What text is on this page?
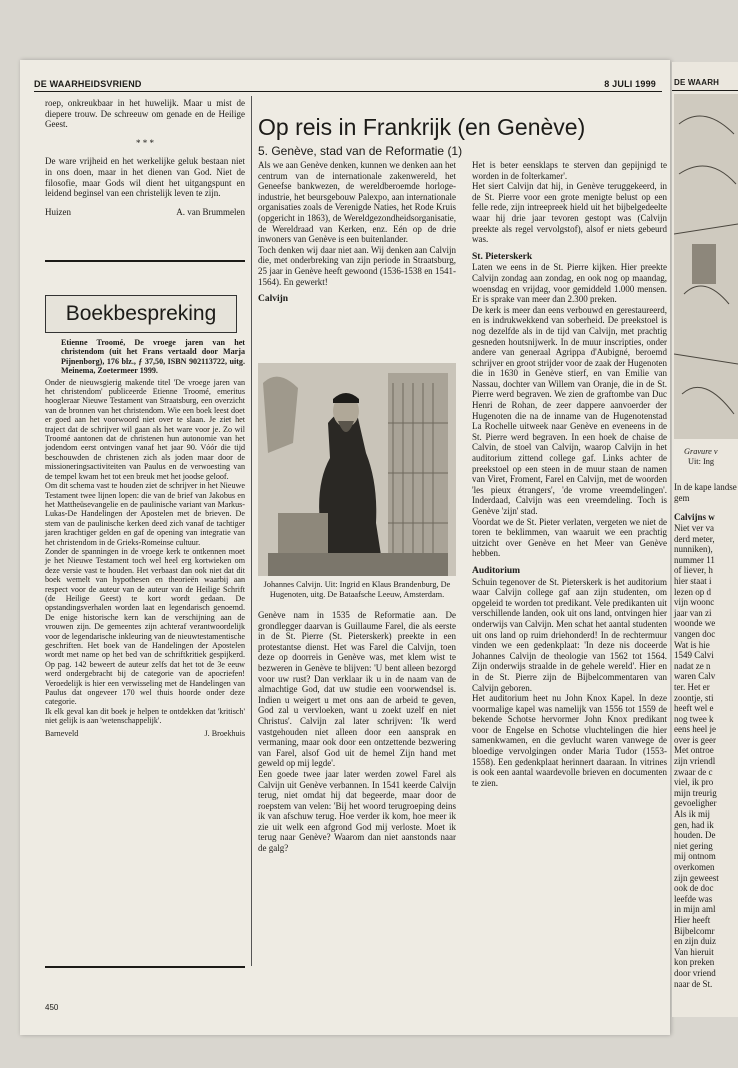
DE WAARHEIDSVRIEND	8 JULI 1999

roep, onkreukbaar in het huwelijk. Maar u mist de diepere trouw. De schreeuw om genade en de Heilige Geest.

* * *

De ware vrijheid en het werkelijke geluk bestaan niet in ons doen, maar in het dienen van God. Niet de filosofie, maar Gods wil dient het uitgangspunt en leidend beginsel van een christelijk leven te zijn.

Huizen	A. van Brummelen
Boekbespreking

Etienne Troomé, De vroege jaren van het christendom (uit het Frans vertaald door Marja Pijnenborg), 176 blz., ƒ 37,50, ISBN 902113722, uitg. Meinema, Zoetermeer 1999.

Onder de nieuwsgierig makende titel 'De vroege jaren van het christendom' publiceerde Etienne Troomé, emeritus hoogleraar Nieuwe Testament van Straatsburg, een overzicht van de bronnen van het christendom. Wie een boek leest doet er goed aan het voorwoord niet over te slaan. Je ziet het traject dat de schrijver wil gaan als het ware voor je. Zo wil Troomé aantonen dat de christenen hun autonomie van het jodendom eerst ontvingen vanaf het jaar 90. Vóór die tijd beschouwden de christenen zich als joden maar door de missioneringsactiviteiten van Paulus en de verwoesting van de tempel kwam het tot een breuk met het joodse geloof.

Om dit schema vast te houden ziet de schrijver in het Nieuwe Testament twee lijnen lopen: die van de brief van Jakobus en het Mattheüsevangelie en de paulinische variant van Markus-Lukas-De Handelingen der Apostelen met de brieven. De stem van de paulinische kerken deed zich vanaf de tachtiger jaren krachtiger gelden en gaf de opening van integratie van het christendom in de Grieks-Romeinse cultuur.

Zonder de spanningen in de vroege kerk te ontkennen moet je het Nieuwe Testament toch wel heel erg kortwieken om deze versie vast te houden. Het verbaast dan ook niet dat dit boek wemelt van hypothesen en theorieën waarbij aan respect voor de auteur van de auteur van de Heilige Schrift (de Heilige Geest) te kort wordt gedaan. De opstandingsverhalen worden laat en legendarisch genoemd. De enige historische kern kan de verschijning aan de vrouwen zijn. De gemeentes zijn achteraf verantwoordelijk voor de legendarische inkleuring van de nieuwtestamentische geschriften. Het boek van de Handelingen der Apostelen wordt met name op het bed van de schriftkritiek gespijkerd. Op pag. 142 beweert de auteur zelfs dat het tot de 3e eeuw werd ondergebracht bij de categorie van de apocriefen! Veroedelijk is hier een verwisseling met de Handelingen van Paulus dat ongeveer 170 wel thuis hoorde onder deze categorie.

Ik elk geval kan dit boek je helpen te ontdekken dat 'kritisch' niet gelijk is aan 'wetenschappelijk'.

Barneveld	J. Broekhuis
Op reis in Frankrijk (en Genève)
5. Genève, stad van de Reformatie (1)

Als we aan Genève denken, kunnen we denken aan het centrum van de internationale zakenwereld, het Geneefse bankwezen, de wereldberoemde horloge-industrie, het beursgebouw Palexpo, aan internationale organisaties zoals de Verenigde Naties, het Rode Kruis (opgericht in 1863), de Wereldgezondheidsorganisatie, de Wereldraad van Kerken, enz. Eén op de drie inwoners van Genève is een buitenlander.

Toch denken wij daar niet aan. Wij denken aan Calvijn die, met onderbreking van zijn periode in Straatsburg, 25 jaar in Genève heeft gewoond (1536-1538 en 1541-1564). En gewerkt!

Calvijn
Johannes Calvijn. Uit: Ingrid en Klaus Brandenburg, De Hugenoten, uitg. De Bataafsche Leeuw, Amsterdam.

Genève nam in 1535 de Reformatie aan. De grondlegger daarvan is Guillaume Farel, die als eerste in de St. Pierre (St. Pieterskerk) preekte in een protestantse dienst. Het was Farel die Calvijn, toen deze op doorreis in Genève was, met klem wist te bezweren in Genève te blijven: 'U bent alleen bezorgd voor uw rust? Dan verklaar ik u in de naam van de almachtige God, dat uw studie een voorwendsel is. Indien u weigert u met ons aan de arbeid te geven, God zal u vervloeken, want u zoekt uzelf en niet Christus'. Calvijn zal later schrijven: 'Ik werd vastgehouden niet alleen door een aansprak en vermaning, maar ook door een ontzettende bezwering van Farel, alsof God uit de hemel Zijn hand met geweld op mij legde'.

Een goede twee jaar later werden zowel Farel als Calvijn uit Genève verbannen. In 1541 keerde Calvijn terug, niet omdat hij dat begeerde, maar door de roepstem van velen: 'Bij het woord terugroeping deins ik van afschuw terug. Hoe verder ik kom, hoe meer ik zie uit welk een afgrond God mij verloste. Moet ik terug naar Genève? Waarom dan niet aanstonds naar de galg?

Het is beter eensklaps te sterven dan gepijnigd te worden in de folterkamer'.

Het siert Calvijn dat hij, in Genève teruggekeerd, in de St. Pierre voor een grote menigte belust op een felle rede, zijn intreepreek hield uit het bijbelgedeelte waar hij drie jaar tevoren gestopt was (Calvijn preekte als regel vervolgstof), alsof er niets gebeurd was.

St. Pieterskerk

Laten we eens in de St. Pierre kijken. Hier preekte Calvijn zondag aan zondag, en ook nog op maandag, woensdag en vrijdag, voor gemiddeld 1.000 mensen. Er is sprake van meer dan 2.300 preken.

De kerk is meer dan eens verbouwd en gerestaureerd, en is indrukwekkend van soberheid. De preekstoel is nog dezelfde als in de tijd van Calvijn, met prachtig gesneden houtsnijwerk. In de muur inscripties, onder andere van generaal Agrippa d'Aubigné, beroemd schrijver en groot strijder voor de zaak der Hugenoten die in 1630 in Genève stierf, en van Emilie van Nassau, dochter van Willem van Oranje, die in de St. Pierre werd begraven. We zien de graftombe van Duc Henri de Rohan, de zeer dappere aanvoerder der Hugenoten die na de inname van de Hugenotenstad La Rochelle uitweek naar Genève en eveneens in de St. Pierre werd begraven. In een hoek de chaise de Calvin, de stoel van Calvijn, waarop Calvijn in het auditorium zittend college gaf. Links achter de preekstoel op een steen in de muur staan de namen van Viret, Froment, Farel en Calvijn, met de woorden 'les pieux étrangers', 'de vrome vreemdelingen'. Inderdaad, Calvijn was een vreemdeling. Toch is Genève 'zijn' stad.

Voordat we de St. Pieter verlaten, vergeten we niet de toren te beklimmen, van waaruit we een prachtig uitzicht over Genève en het Meer van Genève hebben.

Auditorium

Schuin tegenover de St. Pieterskerk is het auditorium waar Calvijn college gaf aan zijn studenten, om opgeleid te worden tot predikant. Vele predikanten uit verschillende landen, ook uit ons land, ontvingen hier onderwijs van Calvijn. Men schat het aantal studenten uit ons land op ruim driehonderd! In de rechtermuur vinden we een gedenkplaat: 'In deze nis doceerde Johannes Calvijn de theologie van 1562 tot 1564. Zijn onderwijs straalde in de gehele wereld'. Hier en in de St. Pierre zijn de Bijbelcommentaren van Calvijn geboren.

Het auditorium heet nu John Knox Kapel. In deze voormalige kapel was namelijk van 1556 tot 1559 de bekende Schotse hervormer John Knox predikant voor de Engelse en Schotse vluchtelingen die hier samenkwamen, en die gevlucht waren vanwege de bloedige vervolgingen onder Maria Tudor (1553-1558). Een gedenkplaat herinnert daaraan. In vitrines is ook een aantal waardevolle brieven en documenten te zien.

450
DE WAARH
Gravure v
Uit: Ing
In de kape landse gem
Calvijns w
Niet ver va
derd meter,
nunniken),
nummer 11
of liever, h
hier staat i
lezen op d
vijn woonc
jaar van zi
woonde we
vangen doc
Wat is hie
1549 Calvi
nadat ze n
waren Calv
ter. Het er
zoontje, sti
heeft wel e
nog twee k
eens heel je
over is geer
Met ontroe
zijn vriendl
zwaar de c
viel, ik pro
mijn treurig
gevoeligher
Als ik mij
gen, had ik
houden. De
niet gering
mij ontnom
overkomen
zijn geweest
ook de doc
leefde was
in mijn aml
Hier heeft
Bijbelcomr
en zijn duiz
Van hieruit
kon preken
door vriend
naar de St.
